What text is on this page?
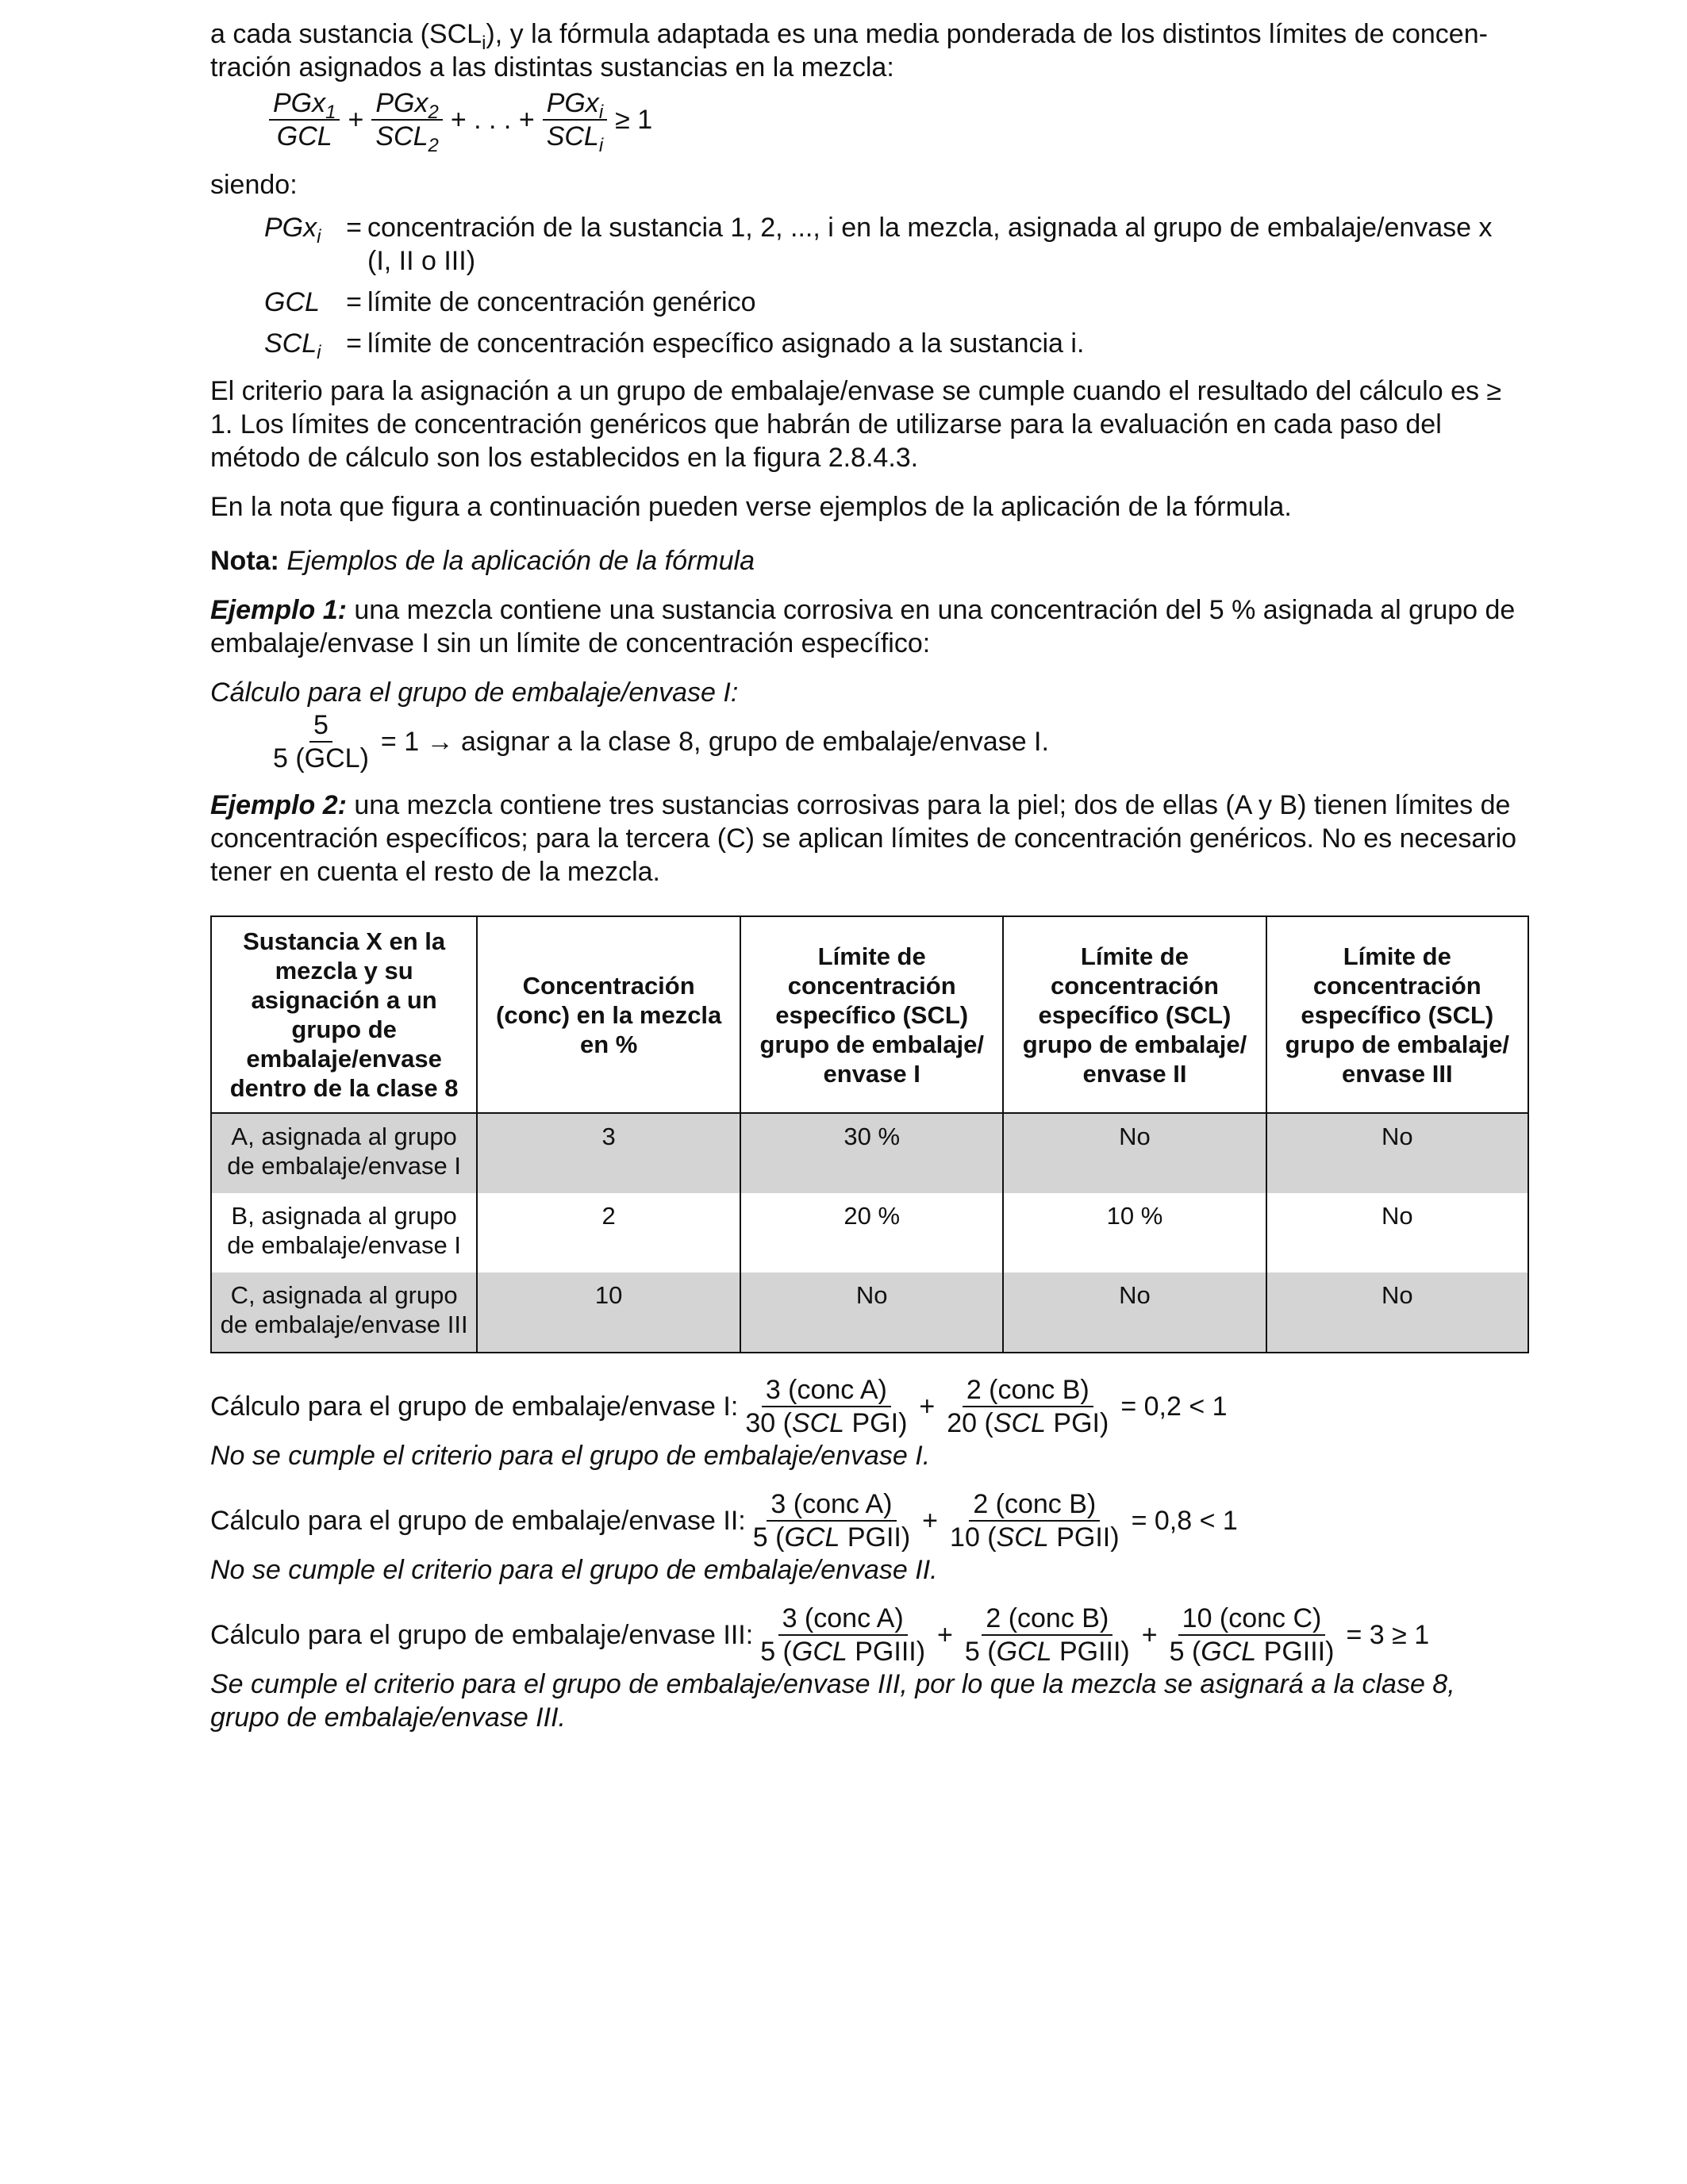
a cada sustancia $(SCL_i)$, y la fórmula adaptada es una media ponderada de los distintos límites de concen-
tración asignados a las distintas sustancias en la mezcla:

$\frac{PGx_1}{\text{GCL}} + \frac{PGx_2}{SCL_2}$ + . . . + $\frac{PGx_i}{SCL_i} \ge 1$

siendo:

PGx$_i$ = concentración de la sustancia 1, 2, ..., i en la mezcla, asignada al grupo de embalaje/envase x
(I, II o III)
GCL = límite de concentración genérico
$SCL_i$ = límite de concentración específico asignado a la sustancia i.

El criterio para la asignación a un grupo de embalaje/envase se cumple cuando el resultado del cálculo es ≥ 1. Los límites de concentración genéricos que habrán de utilizarse para la evaluación en cada paso del método de cálculo son los establecidos en la figura 2.8.4.3.

En la nota que figura a continuación pueden verse ejemplos de la aplicación de la fórmula.

Nota: Ejemplos de la aplicación de la fórmula

Ejemplo 1: una mezcla contiene una sustancia corrosiva en una concentración del 5 % asignada al grupo de embalaje/envase I sin un límite de concentración específico:

Cálculo para el grupo de embalaje/envase I:

$\frac{5}{\text{5 (GCL)}} = 1$ → asignar a la clase 8, grupo de embalaje/envase I.

Ejemplo 2: una mezcla contiene tres sustancias corrosivas para la piel; dos de ellas (A y B) tienen límites de concentración específicos; para la tercera (C) se aplican límites de concentración genéricos. No es necesario tener en cuenta el resto de la mezcla.

Sustancia X en la mezcla y su asignación a un grupo de embalaje/envase dentro de la clase 8	Concentración (conc) en la mezcla en %	Límite de concentración específico (SCL) grupo de embalaje/ envase I	Límite de concentración específico (SCL) grupo de embalaje/ envase II	Límite de concentración específico (SCL) grupo de embalaje/ envase III
A, asignada al grupo de embalaje/envase I	3	30 %	No	No
B, asignada al grupo de embalaje/envase I	2	20 %	10 %	No
C, asignada al grupo de embalaje/envase III	10	No	No	No
Cálculo para el grupo de embalaje/envase I: $\frac{\text{3 (conc A)}}{\text{30 (SCL PGI)}} + \frac{\text{2 (conc B)}}{\text{20 (SCL PGI)}} = 0,2 < 1$

No se cumple el criterio para el grupo de embalaje/envase I.

Cálculo para el grupo de embalaje/envase II: $\frac{\text{3 (conc A)}}{\text{5 (GCL PGII)}} + \frac{\text{2 (conc B)}}{\text{10 (SCL PGII)}} = 0,8 < 1$

No se cumple el criterio para el grupo de embalaje/envase II.

Cálculo para el grupo de embalaje/envase III: $\frac{\text{3 (conc A)}}{\text{5 (GCL PGIII)}} + \frac{\text{2 (conc B)}}{\text{5 (GCL PGIII)}} + \frac{\text{10 (conc C)}}{\text{5 (GCL PGIII)}} = 3 \ge 1$

Se cumple el criterio para el grupo de embalaje/envase III, por lo que la mezcla se asignará a la clase 8, grupo de embalaje/envase III.
